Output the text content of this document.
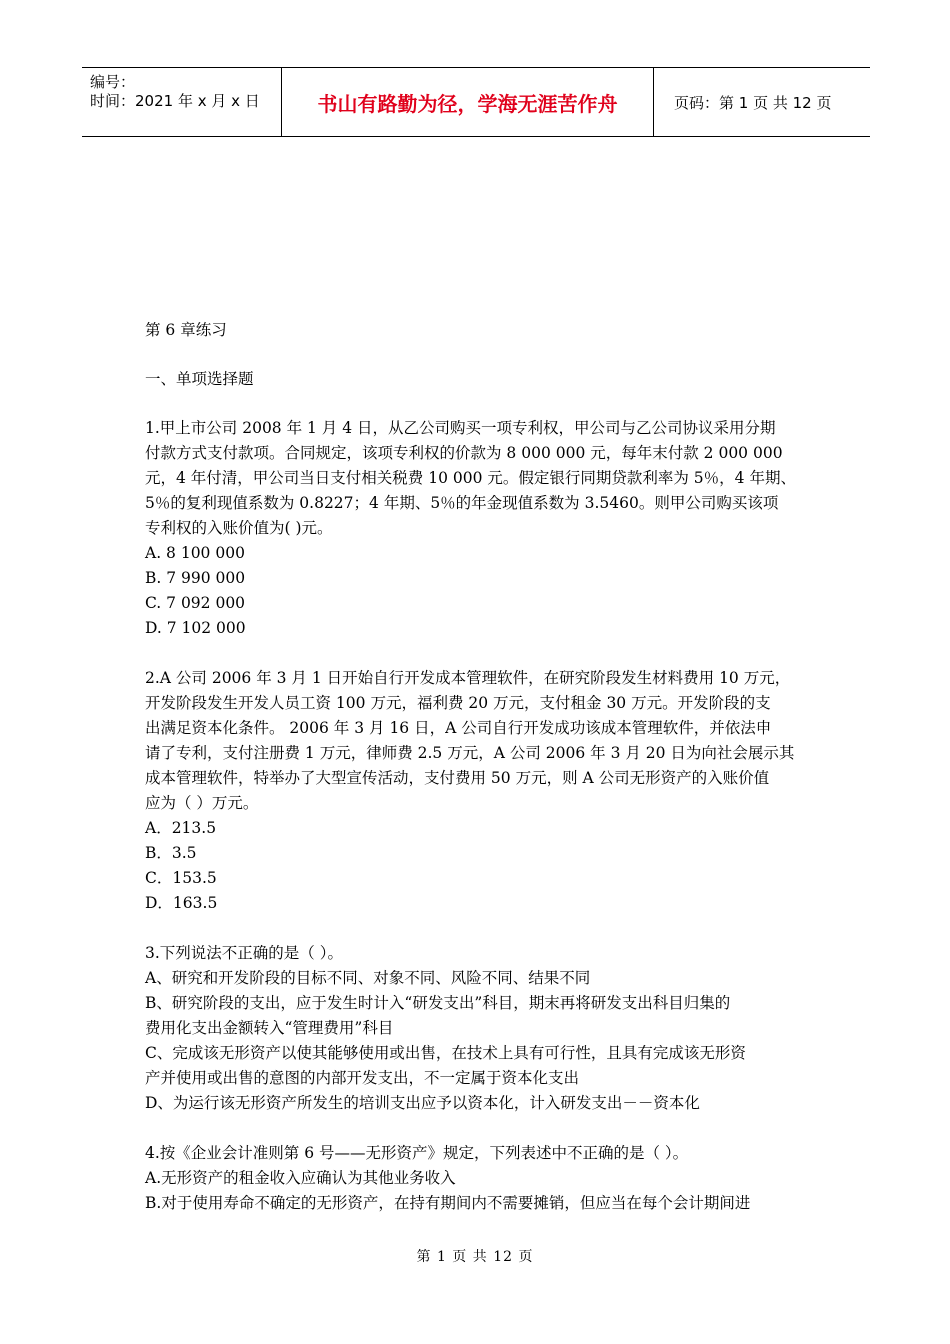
编号：
时间：2021 年 x 月 x 日	书山有路勤为径，学海无涯苦作舟	页码：第 1 页 共 12 页

第 6 章练习

一、单项选择题

1.甲上市公司 2008 年 1 月 4 日，从乙公司购买一项专利权，甲公司与乙公司协议采用分期

付款方式支付款项。合同规定，该项专利权的价款为 8 000 000 元，每年末付款 2 000 000

元，4 年付清，甲公司当日支付相关税费 10 000 元。假定银行同期贷款利率为 5％，4 年期、

5％的复利现值系数为 0.8227；4 年期、5％的年金现值系数为 3.5460。则甲公司购买该项

专利权的入账价值为( )元。

A. 8 100 000

B. 7 990 000

C. 7 092 000

D. 7 102 000

2.A 公司 2006 年 3 月 1 日开始自行开发成本管理软件，在研究阶段发生材料费用 10 万元，

开发阶段发生开发人员工资 100 万元，福利费 20 万元，支付租金 30 万元。开发阶段的支

出满足资本化条件。 2006 年 3 月 16 日，A 公司自行开发成功该成本管理软件，并依法申

请了专利，支付注册费 1 万元，律师费 2.5 万元，A 公司 2006 年 3 月 20 日为向社会展示其

成本管理软件，特举办了大型宣传活动，支付费用 50 万元，则 A 公司无形资产的入账价值

应为（ ）万元。

A．213.5

B．3.5

C．153.5

D．163.5

3.下列说法不正确的是（ ）。

A、研究和开发阶段的目标不同、对象不同、风险不同、结果不同

B、研究阶段的支出，应于发生时计入“研发支出”科目，期末再将研发支出科目归集的

费用化支出金额转入“管理费用”科目

C、完成该无形资产以使其能够使用或出售，在技术上具有可行性，且具有完成该无形资

产并使用或出售的意图的内部开发支出，不一定属于资本化支出

D、为运行该无形资产所发生的培训支出应予以资本化，计入研发支出－－资本化

4.按《企业会计准则第 6 号——无形资产》规定，下列表述中不正确的是（ ）。

A.无形资产的租金收入应确认为其他业务收入

B.对于使用寿命不确定的无形资产，在持有期间内不需要摊销，但应当在每个会计期间进

第 1 页 共 12 页
